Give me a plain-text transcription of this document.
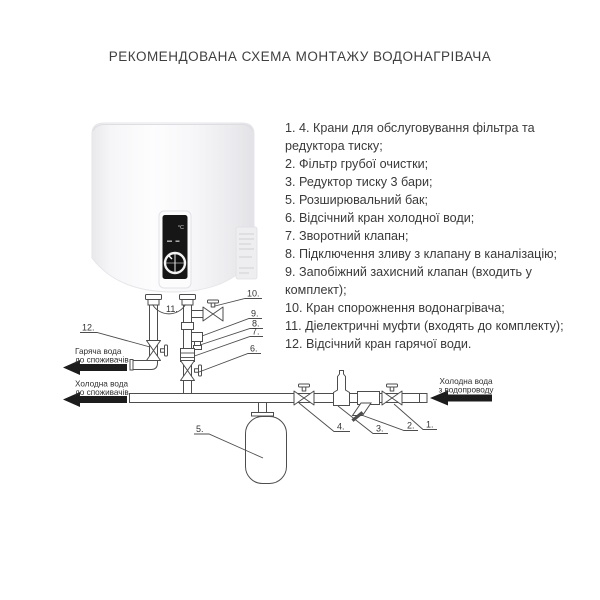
РЕКОМЕНДОВАНА СХЕМА МОНТАЖУ ВОДОНАГРІВАЧА
1. 4. Крани для обслуговування фільтра та
редуктора тиску;
2. Фільтр грубої очистки;
3. Редуктор тиску 3 бари;
5. Розширювальний бак;
6. Відсічний кран холодної води;
7. Зворотний клапан;
8. Підключення зливу з клапану в каналізацію;
9. Запобіжний захисний клапан (входить у
комплект);
10. Кран спорожнення водонагрівача;
11. Діелектричні муфти (входять до комплекту);
12. Відсічний кран гарячої води.
°C
Гаряча вода
до споживачів
Холодна вода
до споживачів
Холодна вода
з водопроводу
12.
11.
10.
9.
8.
7.
6.
5.	4.	3.	2. 1.
